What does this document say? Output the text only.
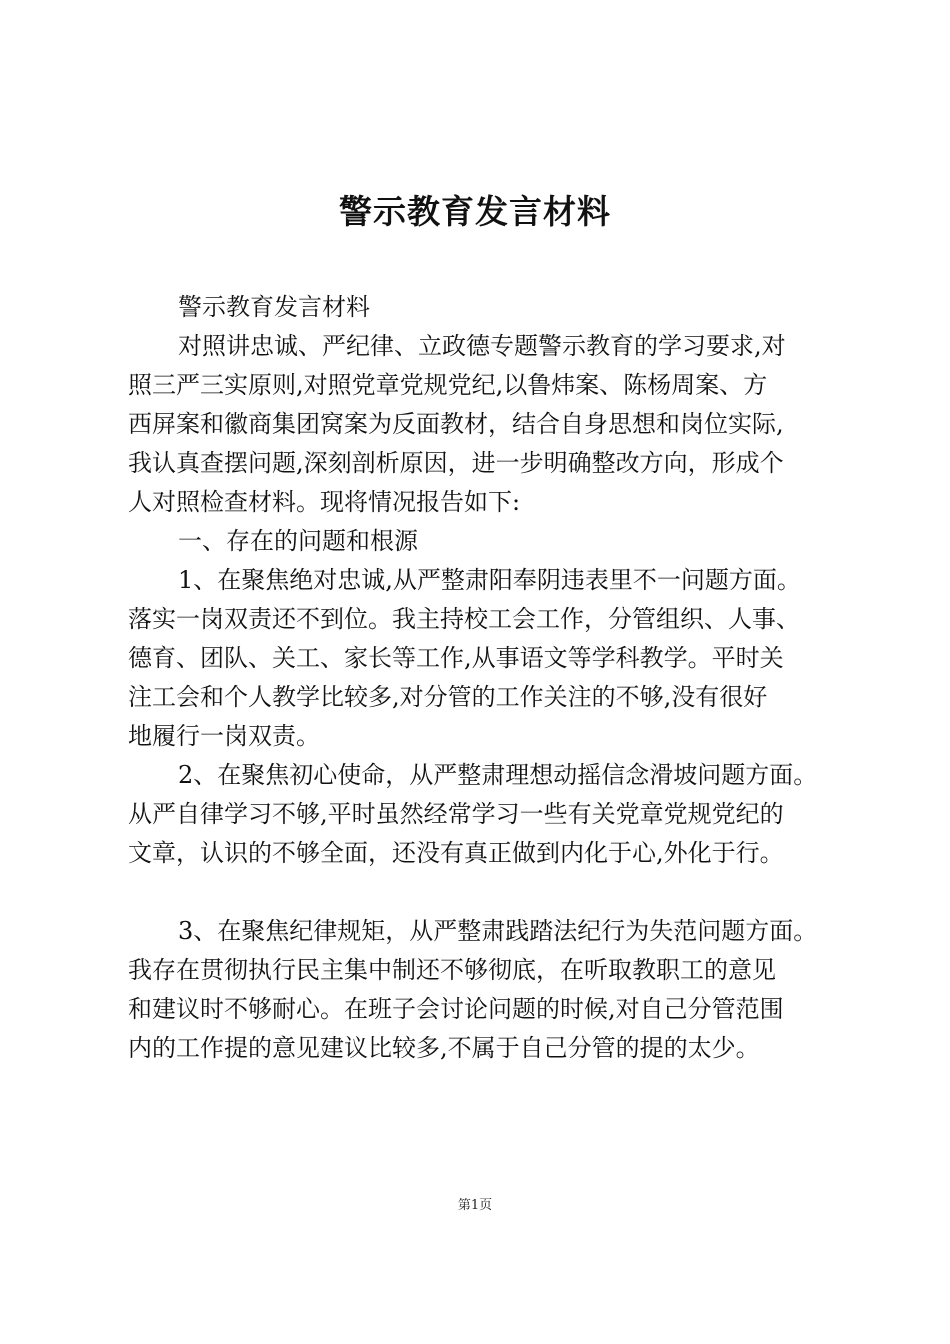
警示教育发言材料
警示教育发言材料
对照讲忠诚、严纪律、立政德专题警示教育的学习要求,对
照三严三实原则,对照党章党规党纪,以鲁炜案、陈杨周案、方
西屏案和徽商集团窝案为反面教材，结合自身思想和岗位实际,
我认真查摆问题,深刻剖析原因，进一步明确整改方向，形成个
人对照检查材料。现将情况报告如下:
一、存在的问题和根源
1、在聚焦绝对忠诚,从严整肃阳奉阴违表里不一问题方面。
落实一岗双责还不到位。我主持校工会工作，分管组织、人事、
德育、团队、关工、家长等工作,从事语文等学科教学。平时关
注工会和个人教学比较多,对分管的工作关注的不够,没有很好
地履行一岗双责。
2、在聚焦初心使命，从严整肃理想动摇信念滑坡问题方面。
从严自律学习不够,平时虽然经常学习一些有关党章党规党纪的
文章，认识的不够全面，还没有真正做到内化于心,外化于行。
3、在聚焦纪律规矩，从严整肃践踏法纪行为失范问题方面。
我存在贯彻执行民主集中制还不够彻底，在听取教职工的意见
和建议时不够耐心。在班子会讨论问题的时候,对自己分管范围
内的工作提的意见建议比较多,不属于自己分管的提的太少。
第1页
